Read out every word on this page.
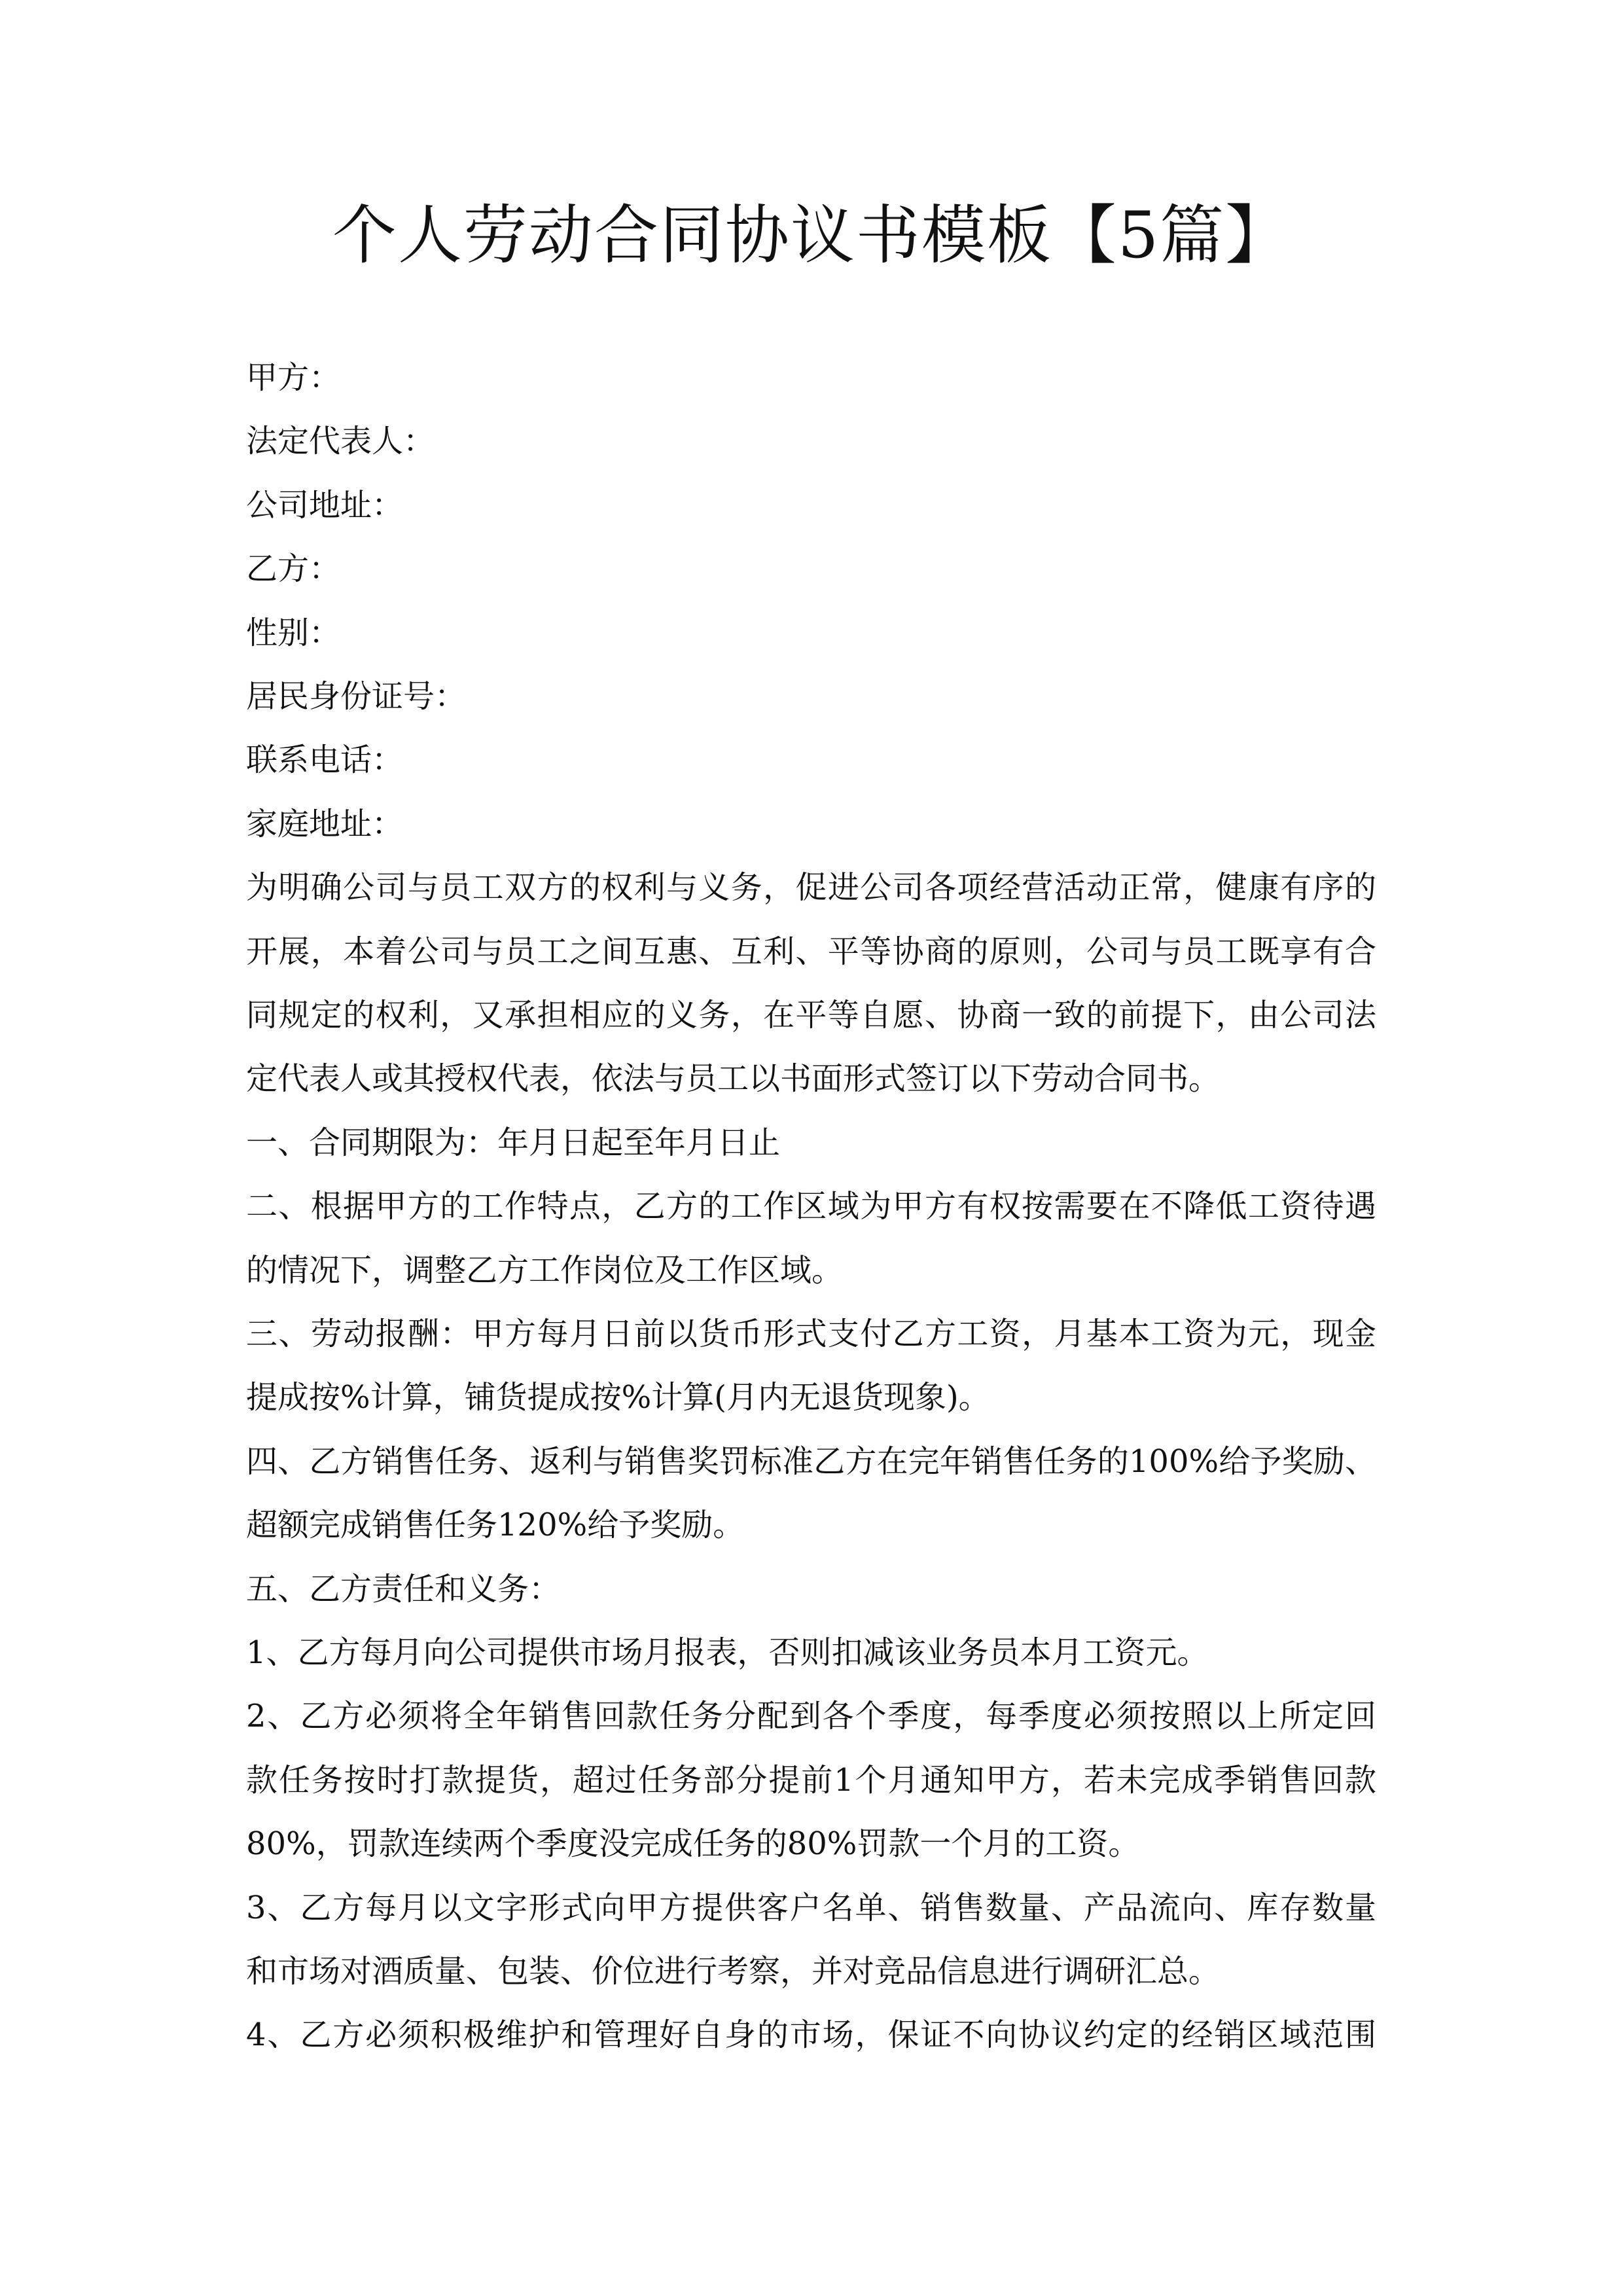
个人劳动合同协议书模板【5篇】
甲方：
法定代表人：
公司地址：
乙方：
性别：
居民身份证号：
联系电话：
家庭地址：
为明确公司与员工双方的权利与义务，促进公司各项经营活动正常，健康有序的
开展，本着公司与员工之间互惠、互利、平等协商的原则，公司与员工既享有合
同规定的权利，又承担相应的义务，在平等自愿、协商一致的前提下，由公司法
定代表人或其授权代表，依法与员工以书面形式签订以下劳动合同书。
一、合同期限为：年月日起至年月日止
二、根据甲方的工作特点，乙方的工作区域为甲方有权按需要在不降低工资待遇
的情况下，调整乙方工作岗位及工作区域。
三、劳动报酬：甲方每月日前以货币形式支付乙方工资，月基本工资为元，现金
提成按%计算，铺货提成按%计算(月内无退货现象)。
四、乙方销售任务、返利与销售奖罚标准乙方在完年销售任务的100%给予奖励、
超额完成销售任务120%给予奖励。
五、乙方责任和义务：
1、乙方每月向公司提供市场月报表，否则扣减该业务员本月工资元。
2、乙方必须将全年销售回款任务分配到各个季度，每季度必须按照以上所定回
款任务按时打款提货，超过任务部分提前1个月通知甲方，若未完成季销售回款
80%，罚款连续两个季度没完成任务的80%罚款一个月的工资。
3、乙方每月以文字形式向甲方提供客户名单、销售数量、产品流向、库存数量
和市场对酒质量、包装、价位进行考察，并对竞品信息进行调研汇总。
4、乙方必须积极维护和管理好自身的市场，保证不向协议约定的经销区域范围
